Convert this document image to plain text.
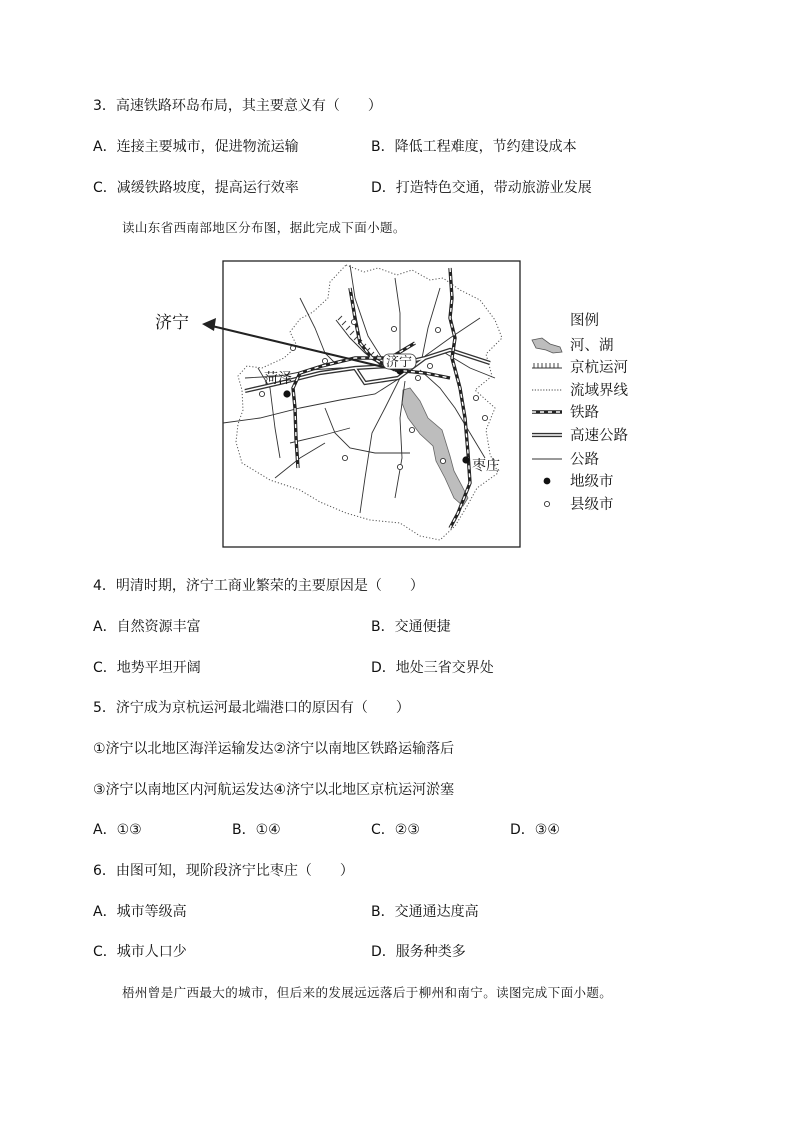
3．高速铁路环岛布局，其主要意义有（　　）
A．连接主要城市，促进物流运输	B．降低工程难度，节约建设成本
C．减缓铁路坡度，提高运行效率	D．打造特色交通，带动旅游业发展
读山东省西南部地区分布图，据此完成下面小题。
济宁
菏泽
济宁
枣庄
图例
河、湖
京杭运河
流域界线
铁路
高速公路
公路
地级市
县级市
4．明清时期，济宁工商业繁荣的主要原因是（　　）
A．自然资源丰富	B．交通便捷
C．地势平坦开阔	D．地处三省交界处
5．济宁成为京杭运河最北端港口的原因有（　　）
①济宁以北地区海洋运输发达②济宁以南地区铁路运输落后
③济宁以南地区内河航运发达④济宁以北地区京杭运河淤塞
A．①③	B．①④	C．②③	D．③④
6．由图可知，现阶段济宁比枣庄（　　）
A．城市等级高	B．交通通达度高
C．城市人口少	D．服务种类多
梧州曾是广西最大的城市，但后来的发展远远落后于柳州和南宁。读图完成下面小题。
